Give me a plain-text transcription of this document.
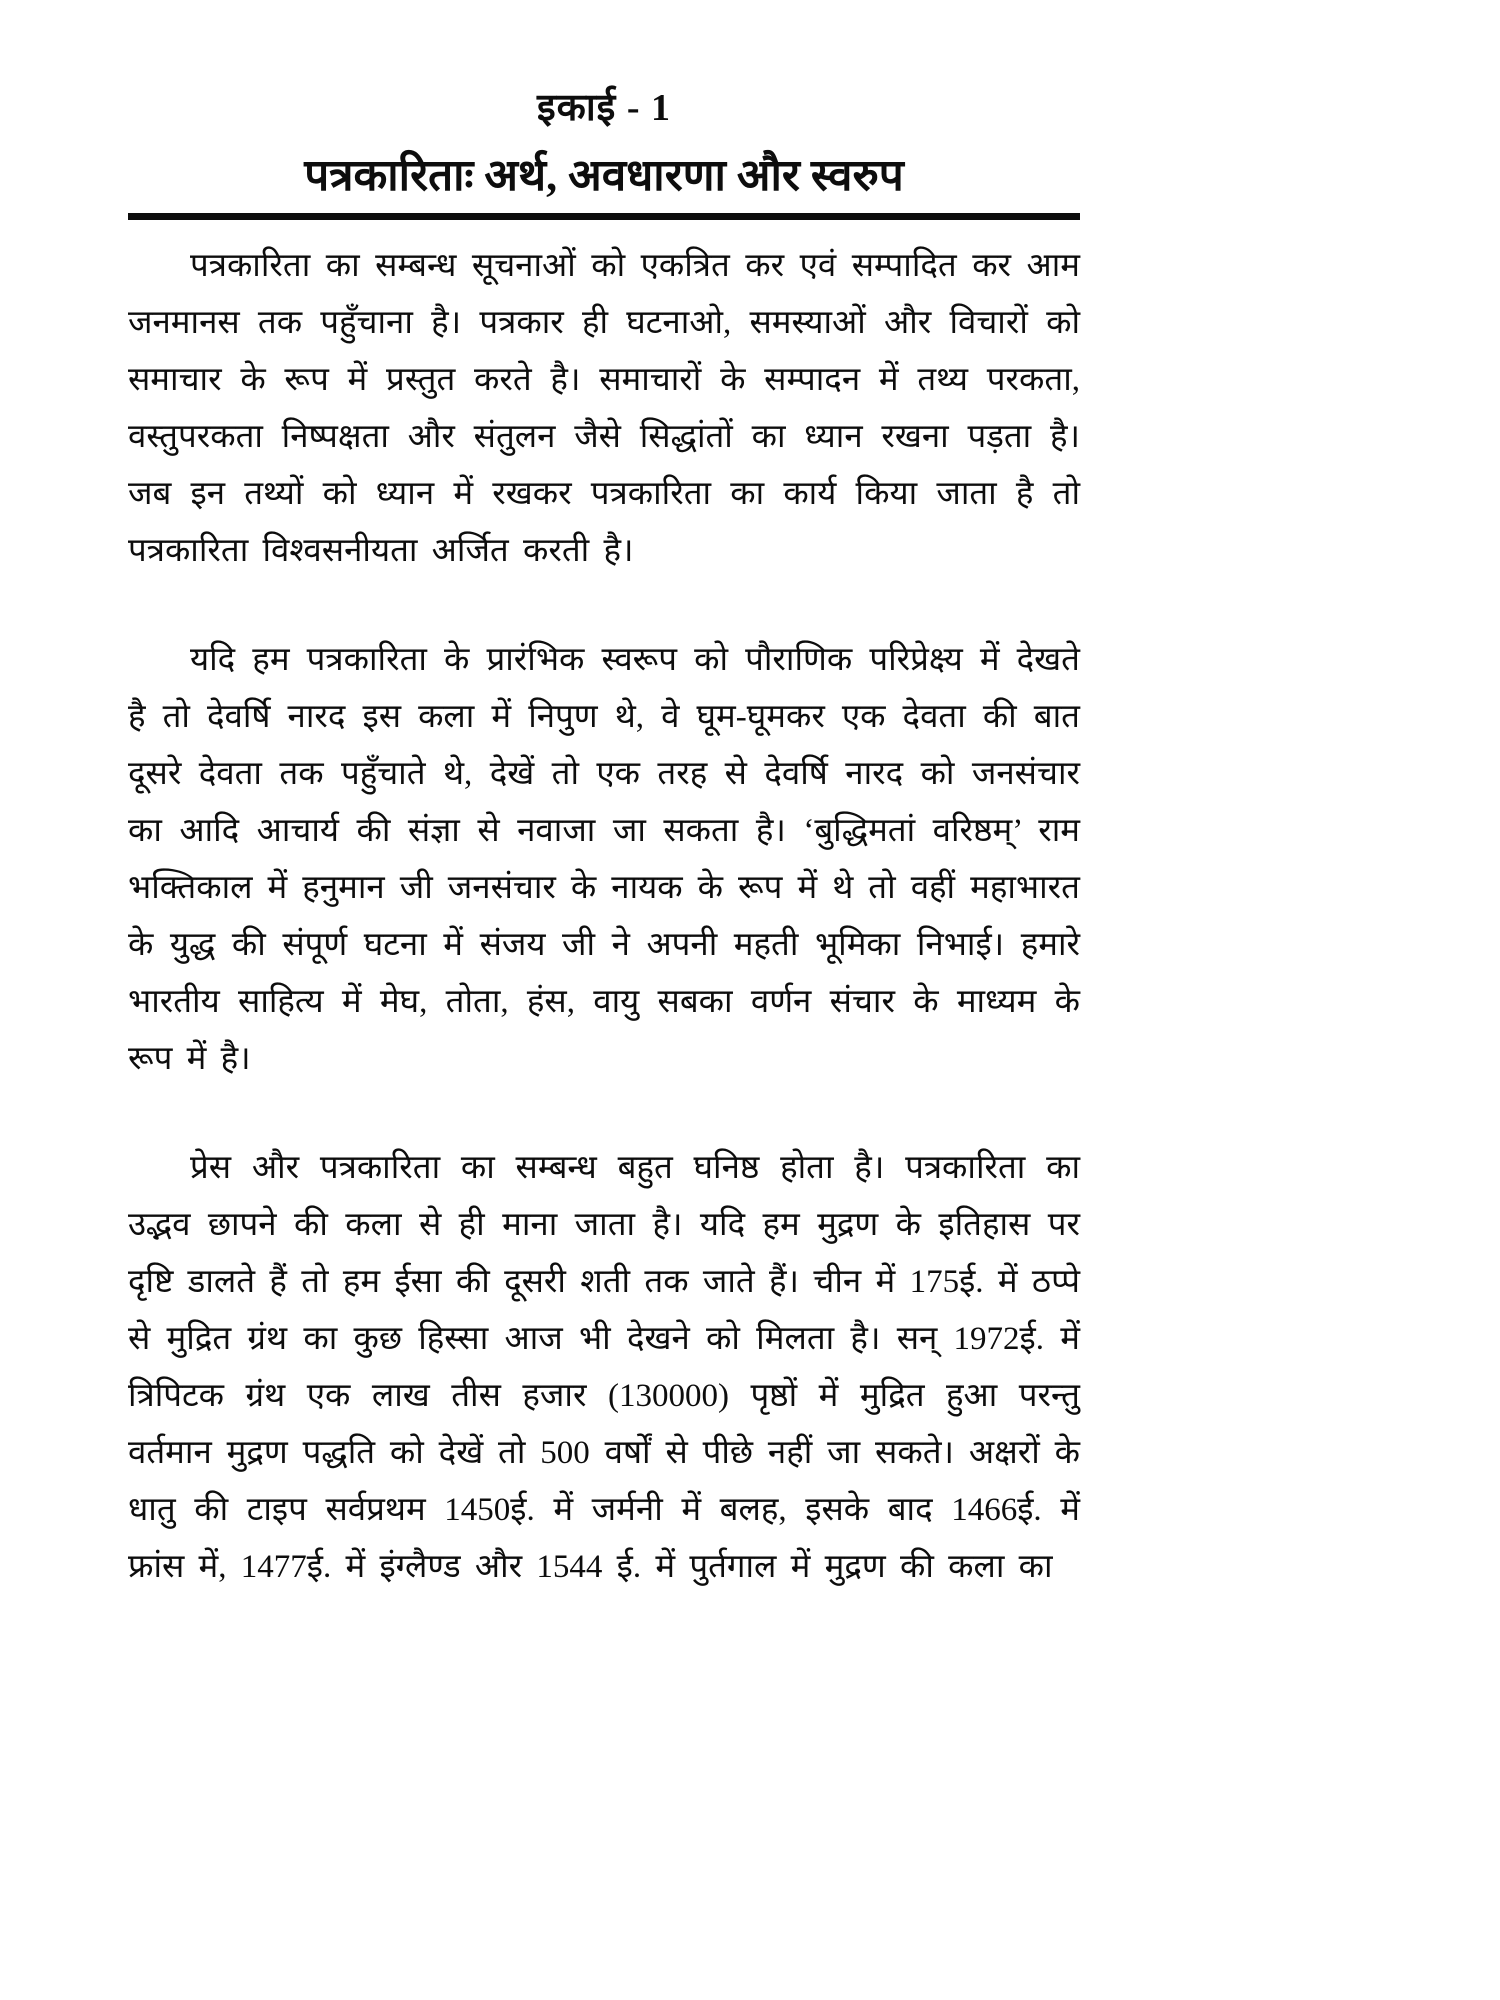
इकाई - 1
पत्रकारिताः अर्थ, अवधारणा और स्वरुप

पत्रकारिता का सम्बन्ध सूचनाओं को एकत्रित कर एवं सम्पादित कर आम जनमानस तक पहुँचाना है। पत्रकार ही घटनाओ, समस्याओं और विचारों को समाचार के रूप में प्रस्तुत करते है। समाचारों के सम्पादन में तथ्य परकता, वस्तुपरकता निष्पक्षता और संतुलन जैसे सिद्धांतों का ध्यान रखना पड़ता है। जब इन तथ्यों को ध्यान में रखकर पत्रकारिता का कार्य किया जाता है तो पत्रकारिता विश्वसनीयता अर्जित करती है।

यदि हम पत्रकारिता के प्रारंभिक स्वरूप को पौराणिक परिप्रेक्ष्य में देखते है तो देवर्षि नारद इस कला में निपुण थे, वे घूम-घूमकर एक देवता की बात दूसरे देवता तक पहुँचाते थे, देखें तो एक तरह से देवर्षि नारद को जनसंचार का आदि आचार्य की संज्ञा से नवाजा जा सकता है। ‘बुद्धिमतां वरिष्ठम्’ राम भक्तिकाल में हनुमान जी जनसंचार के नायक के रूप में थे तो वहीं महाभारत के युद्ध की संपूर्ण घटना में संजय जी ने अपनी महती भूमिका निभाई। हमारे भारतीय साहित्य में मेघ, तोता, हंस, वायु सबका वर्णन संचार के माध्यम के रूप में है।

प्रेस और पत्रकारिता का सम्बन्ध बहुत घनिष्ठ होता है। पत्रकारिता का उद्भव छापने की कला से ही माना जाता है। यदि हम मुद्रण के इतिहास पर दृष्टि डालते हैं तो हम ईसा की दूसरी शती तक जाते हैं। चीन में 175ई. में ठप्पे से मुद्रित ग्रंथ का कुछ हिस्सा आज भी देखने को मिलता है। सन् 1972ई. में त्रिपिटक ग्रंथ एक लाख तीस हजार (130000) पृष्ठों में मुद्रित हुआ परन्तु वर्तमान मुद्रण पद्धति को देखें तो 500 वर्षों से पीछे नहीं जा सकते। अक्षरों के धातु की टाइप सर्वप्रथम 1450ई. में जर्मनी में बलह, इसके बाद 1466ई. में फ्रांस में, 1477ई. में इंग्लैण्ड और 1544 ई. में पुर्तगाल में मुद्रण की कला का
